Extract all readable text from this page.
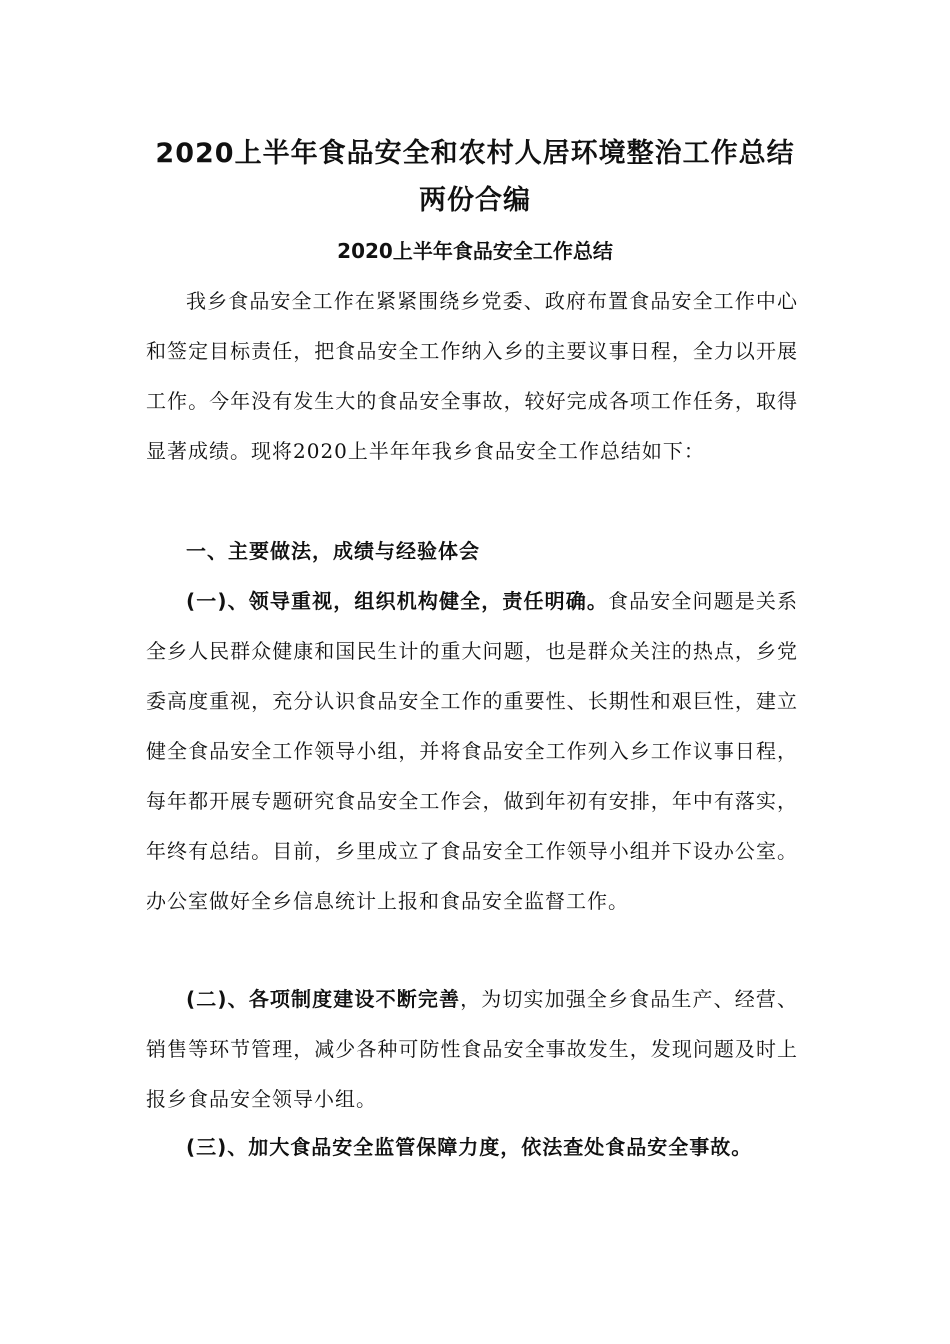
2020上半年食品安全和农村人居环境整治工作总结
两份合编
2020上半年食品安全工作总结

我乡食品安全工作在紧紧围绕乡党委、政府布置食品安全工作中心和签定目标责任，把食品安全工作纳入乡的主要议事日程，全力以开展工作。今年没有发生大的食品安全事故，较好完成各项工作任务，取得显著成绩。现将2020上半年年我乡食品安全工作总结如下：

一、主要做法，成绩与经验体会

(一)、领导重视，组织机构健全，责任明确。食品安全问题是关系全乡人民群众健康和国民生计的重大问题，也是群众关注的热点，乡党委高度重视，充分认识食品安全工作的重要性、长期性和艰巨性，建立健全食品安全工作领导小组，并将食品安全工作列入乡工作议事日程，每年都开展专题研究食品安全工作会，做到年初有安排，年中有落实，年终有总结。目前，乡里成立了食品安全工作领导小组并下设办公室。办公室做好全乡信息统计上报和食品安全监督工作。

(二)、各项制度建设不断完善，为切实加强全乡食品生产、经营、销售等环节管理，减少各种可防性食品安全事故发生，发现问题及时上报乡食品安全领导小组。

(三)、加大食品安全监管保障力度，依法查处食品安全事故。
